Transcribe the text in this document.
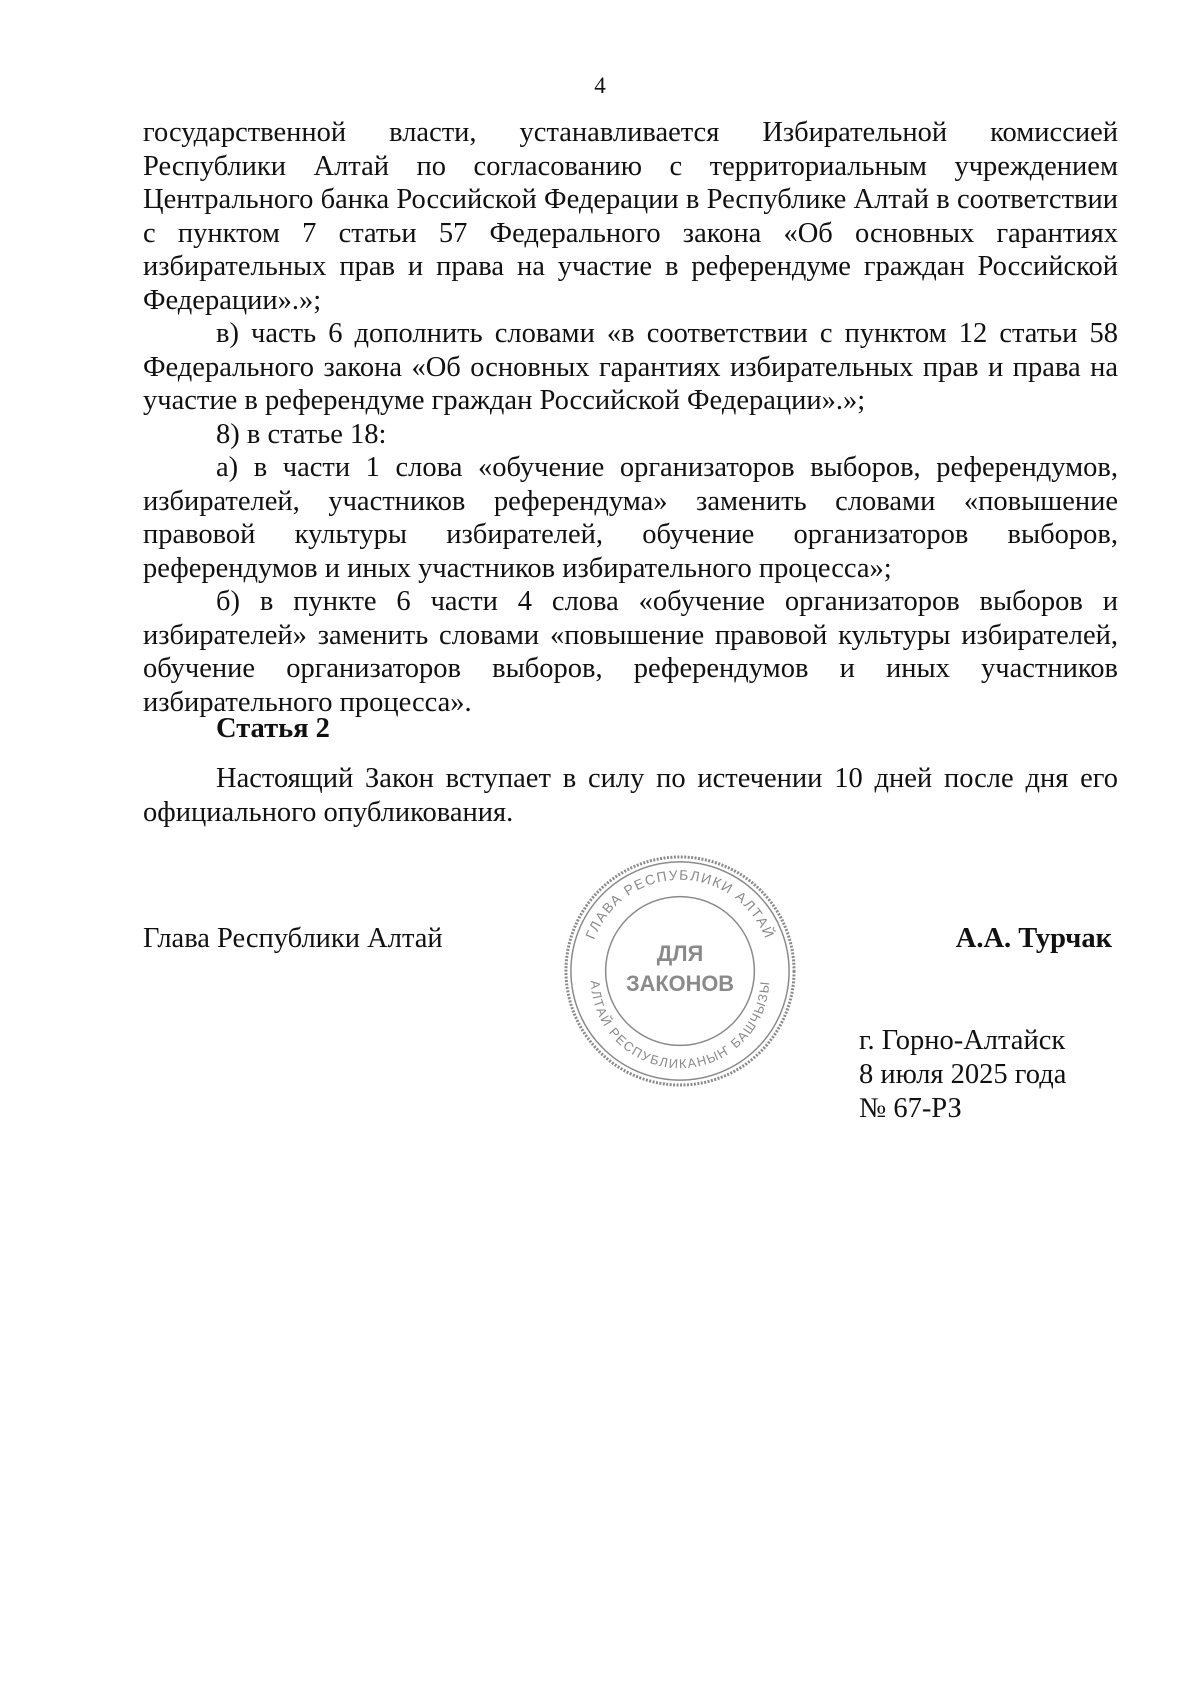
4

государственной власти, устанавливается Избирательной комиссией Республики Алтай по согласованию с территориальным учреждением Центрального банка Российской Федерации в Республике Алтай в соответствии с пунктом 7 статьи 57 Федерального закона «Об основных гарантиях избирательных прав и права на участие в референдуме граждан Российской Федерации».»;

в) часть 6 дополнить словами «в соответствии с пунктом 12 статьи 58 Федерального закона «Об основных гарантиях избирательных прав и права на участие в референдуме граждан Российской Федерации».»;

8) в статье 18:

а) в части 1 слова «обучение организаторов выборов, референдумов, избирателей, участников референдума» заменить словами «повышение правовой культуры избирателей, обучение организаторов выборов, референдумов и иных участников избирательного процесса»;

б) в пункте 6 части 4 слова «обучение организаторов выборов и избирателей» заменить словами «повышение правовой культуры избирателей, обучение организаторов выборов, референдумов и иных участников избирательного процесса».

Статья 2

Настоящий Закон вступает в силу по истечении 10 дней после дня его официального опубликования.

Глава Республики Алтай	А.А. Турчак
ГЛАВА РЕСПУБЛИКИ АЛТАЙ
АЛТАЙ РЕСПУБЛИКАНЫҤ БАШЧЫЗЫ
ДЛЯ
ЗАКОНОВ
г. Горно-Алтайск
8 июля 2025 года
№ 67-РЗ
